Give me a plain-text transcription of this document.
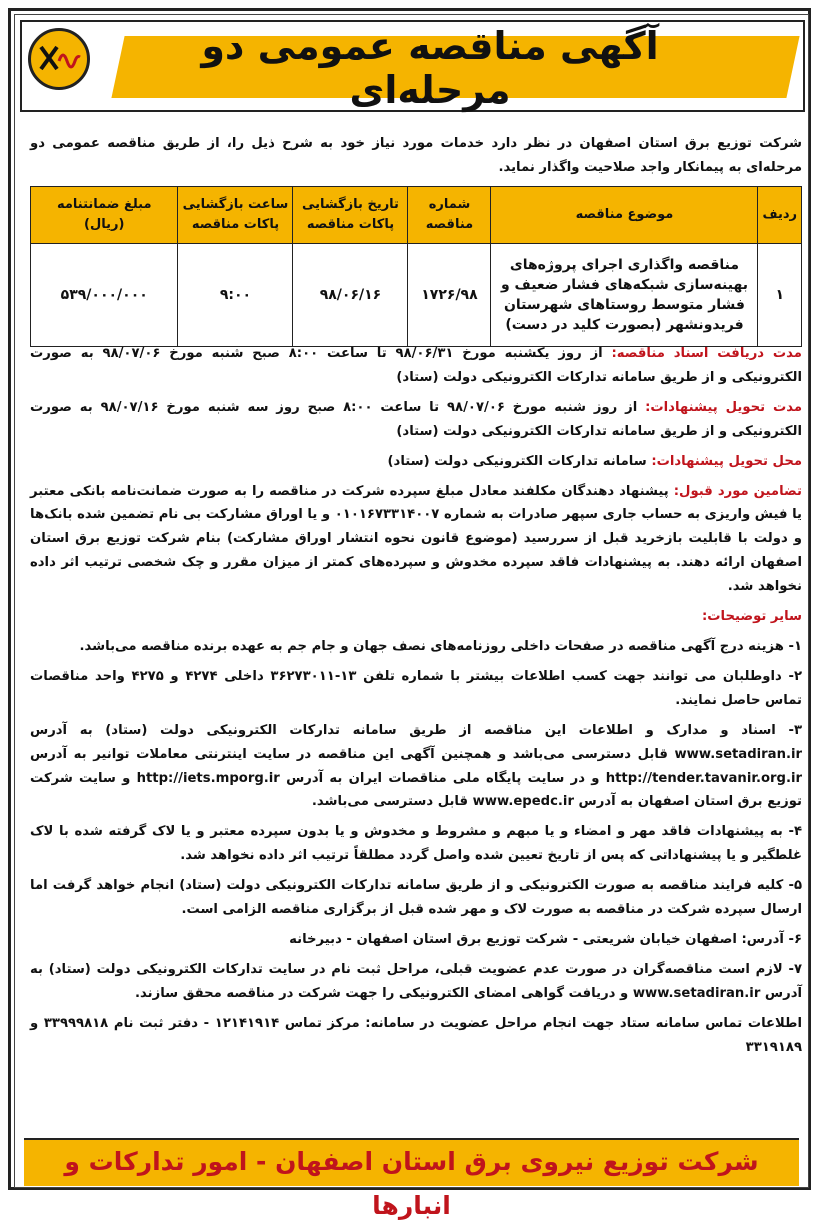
آگهی مناقصه عمومی دو مرحله‌ای
شرکت توزیع برق استان اصفهان در نظر دارد خدمات مورد نیاز خود به شرح ذیل را، از طریق مناقصه عمومی دو مرحله‌ای به پیمانکار واجد صلاحیت واگذار نماید.
ردیف	موضوع مناقصه	شماره مناقصه	تاریخ بازگشایی پاکات مناقصه	ساعت بازگشایی پاکات مناقصه	مبلغ ضمانتنامه (ریال)
۱	مناقصه واگذاری اجرای پروژه‌های بهینه‌سازی شبکه‌های فشار ضعیف و فشار متوسط روستاهای شهرستان فریدونشهر (بصورت کلید در دست)	۱۷۲۶/۹۸	۹۸/۰۶/۱۶	۹:۰۰	۵۳۹/۰۰۰/۰۰۰

مدت دریافت اسناد مناقصه: از روز یکشنبه مورخ ۹۸/۰۶/۳۱ تا ساعت ۸:۰۰ صبح شنبه مورخ ۹۸/۰۷/۰۶ به صورت الکترونیکی و از طریق سامانه تدارکات الکترونیکی دولت (ستاد)

مدت تحویل پیشنهادات: از روز شنبه مورخ ۹۸/۰۷/۰۶ تا ساعت ۸:۰۰ صبح روز سه شنبه مورخ ۹۸/۰۷/۱۶ به صورت الکترونیکی و از طریق سامانه تدارکات الکترونیکی دولت (ستاد)

محل تحویل پیشنهادات: سامانه تدارکات الکترونیکی دولت (ستاد)

تضامین مورد قبول: پیشنهاد دهندگان مکلفند معادل مبلغ سپرده شرکت در مناقصه را به صورت ضمانت‌نامه بانکی معتبر یا فیش واریزی به حساب جاری سپهر صادرات به شماره ۰۱۰۱۶۷۳۳۱۴۰۰۷ و یا اوراق مشارکت بی نام تضمین شده بانک‌ها و دولت با قابلیت بازخرید قبل از سررسید (موضوع قانون نحوه انتشار اوراق مشارکت) بنام شرکت توزیع برق استان اصفهان ارائه دهند. به پیشنهادات فاقد سپرده مخدوش و سپرده‌های کمتر از میزان مقرر و چک شخصی ترتیب اثر داده نخواهد شد.

سایر توضیحات:

۱- هزینه درج آگهی مناقصه در صفحات داخلی روزنامه‌های نصف جهان و جام جم به عهده برنده مناقصه می‌باشد.

۲- داوطلبان می توانند جهت کسب اطلاعات بیشتر با شماره تلفن ۱۳-۳۶۲۷۳۰۱۱ داخلی ۴۲۷۴ و ۴۲۷۵ واحد مناقصات تماس حاصل نمایند.

۳- اسناد و مدارک و اطلاعات این مناقصه از طریق سامانه تدارکات الکترونیکی دولت (ستاد) به آدرس www.setadiran.ir قابل دسترسی می‌باشد و همچنین آگهی این مناقصه در سایت اینترنتی معاملات توانیر به آدرس http://tender.tavanir.org.ir و در سایت پایگاه ملی مناقصات ایران به آدرس http://iets.mporg.ir و سایت شرکت توزیع برق استان اصفهان به آدرس www.epedc.ir قابل دسترسی می‌باشد.

۴- به پیشنهادات فاقد مهر و امضاء و یا مبهم و مشروط و مخدوش و یا بدون سپرده معتبر و یا لاک گرفته شده با لاک غلطگیر و یا پیشنهاداتی که پس از تاریخ تعیین شده واصل گردد مطلقاً ترتیب اثر داده نخواهد شد.

۵- کلیه فرایند مناقصه به صورت الکترونیکی و از طریق سامانه تدارکات الکترونیکی دولت (ستاد) انجام خواهد گرفت اما ارسال سپرده شرکت در مناقصه به صورت لاک و مهر شده قبل از برگزاری مناقصه الزامی است.

۶- آدرس: اصفهان خیابان شریعتی - شرکت توزیع برق استان اصفهان - دبیرخانه

۷- لازم است مناقصه‌گران در صورت عدم عضویت قبلی، مراحل ثبت نام در سایت تدارکات الکترونیکی دولت (ستاد) به آدرس www.setadiran.ir و دریافت گواهی امضای الکترونیکی را جهت شرکت در مناقصه محقق سازند.

اطلاعات تماس سامانه ستاد جهت انجام مراحل عضویت در سامانه: مرکز تماس ۱۲۱۴۱۹۱۴ - دفتر ثبت نام ۳۳۹۹۹۸۱۸ و ۳۳۱۹۱۸۹

شرکت توزیع نیروی برق استان اصفهان - امور تدارکات و انبارها
